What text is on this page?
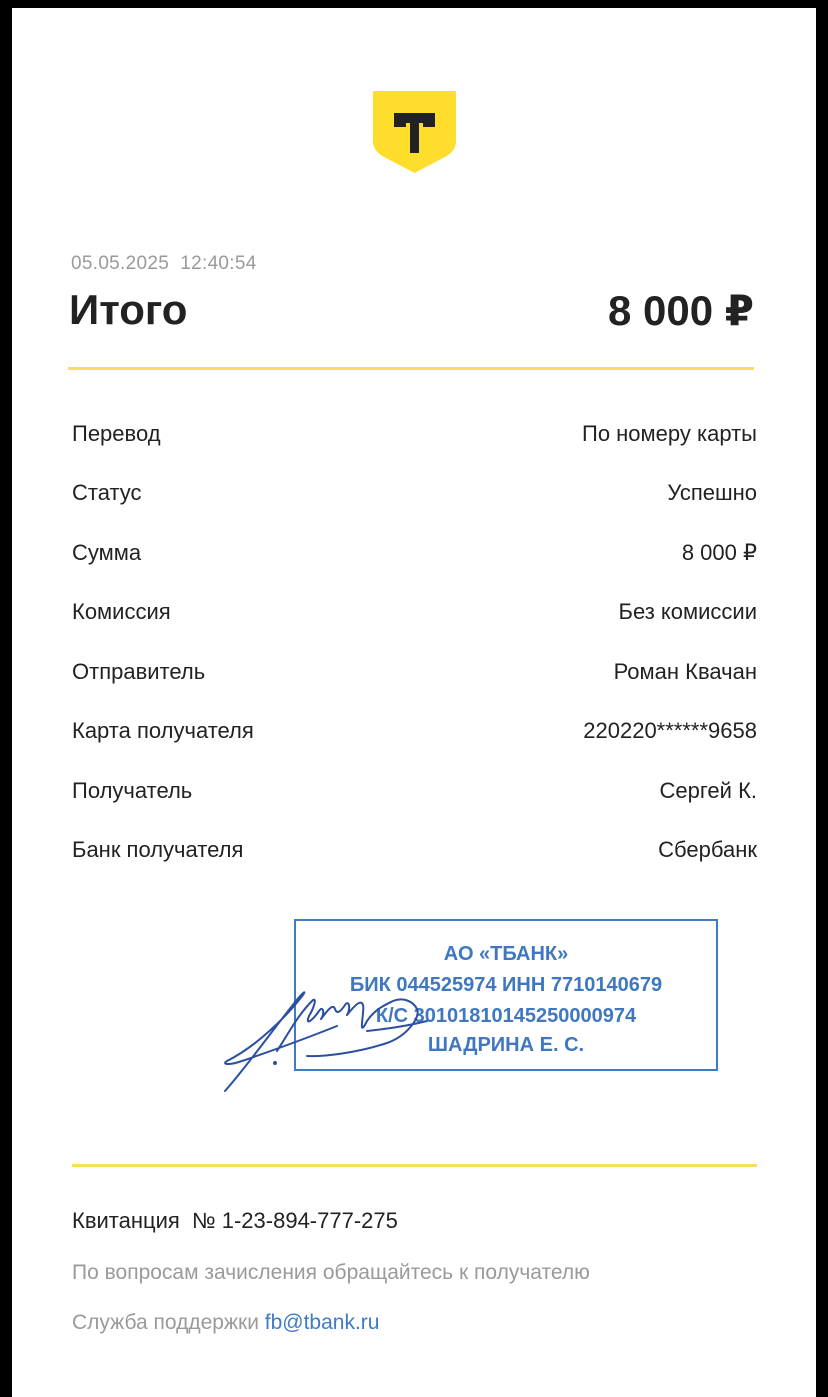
05.05.2025  12:40:54
Итого	8 000 ₽
Перевод	По номеру карты
Статус	Успешно
Сумма	8 000 ₽
Комиссия	Без комиссии
Отправитель	Роман Квачан
Карта получателя	220220******9658
Получатель	Сергей К.
Банк получателя	Сбербанк
АО «ТБАНК»
БИК 044525974 ИНН 7710140679
К/С 30101810145250000974
ШАДРИНА Е. С.
Квитанция  № 1-23-894-777-275
По вопросам зачисления обращайтесь к получателю
Служба поддержки fb@tbank.ru
